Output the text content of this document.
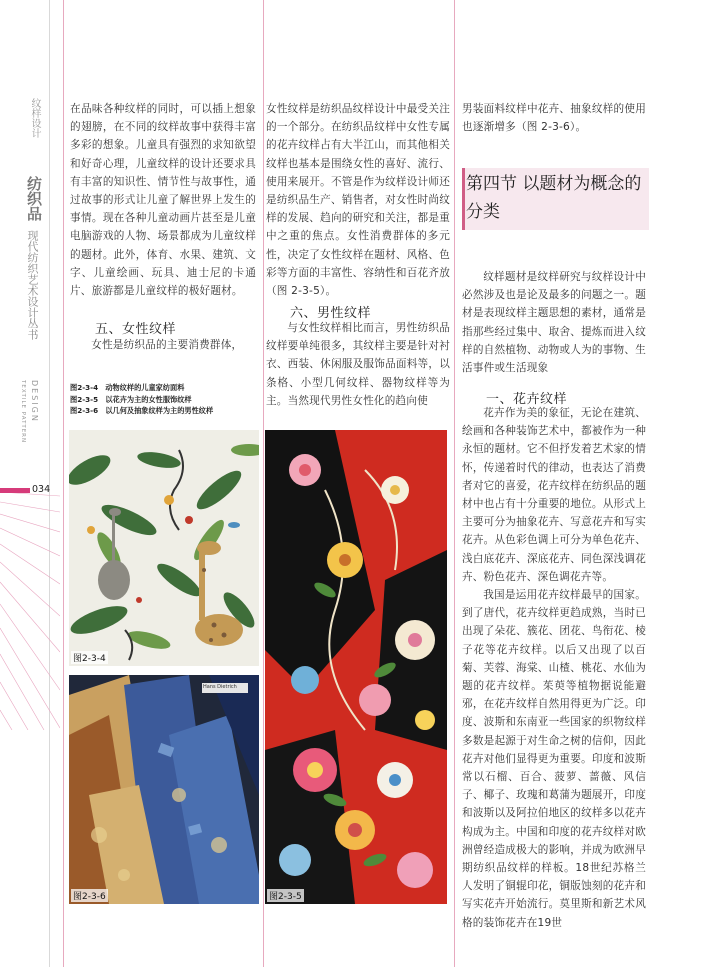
现代纺织艺术设计丛书
纺织品
纹样设计
TEXTILE PATTERN DESIGN
034

在品味各种纹样的同时，可以插上想象的翅膀，在不同的纹样故事中获得丰富多彩的想象。儿童具有强烈的求知欲望和好奇心理，儿童纹样的设计还要求具有丰富的知识性、情节性与故事性，通过故事的形式让儿童了解世界上发生的事情。现在各种儿童动画片甚至是儿童电脑游戏的人物、场景都成为儿童纹样的题材。此外，体育、水果、建筑、文字、儿童绘画、玩具、迪士尼的卡通片、旅游都是儿童纹样的极好题材。

五、女性纹样

女性是纺织品的主要消费群体，

图2-3-4　动物纹样的儿童家纺面料
图2-3-5　以花卉为主的女性服饰纹样
图2-3-6　以几何及抽象纹样为主的男性纹样
图2-3-4
Hans Dietrich
图2-3-6

女性纹样是纺织品纹样设计中最受关注的一个部分。在纺织品纹样中女性专属的花卉纹样占有大半江山，而其他相关纹样也基本是围绕女性的喜好、流行、使用来展开。不管是作为纹样设计师还是纺织品生产、销售者，对女性时尚纹样的发展、趋向的研究和关注，都是重中之重的焦点。女性消费群体的多元性，决定了女性纹样在题材、风格、色彩等方面的丰富性、容纳性和百花齐放（图 2-3-5）。

六、男性纹样

与女性纹样相比而言，男性纺织品纹样要单纯很多，其纹样主要是针对衬衣、西装、休闲服及服饰品面料等，以条格、小型几何纹样、器物纹样等为主。当然现代男性女性化的趋向使

图2-3-5

男装面料纹样中花卉、抽象纹样的使用也逐渐增多（图 2-3-6）。

第四节 以题材为概念的分类

纹样题材是纹样研究与纹样设计中必然涉及也是论及最多的问题之一。题材是表现纹样主题思想的素材，通常是指那些经过集中、取舍、提炼而进入纹样的自然植物、动物或人为的事物、生活事件或生活现象

一、花卉纹样

花卉作为美的象征，无论在建筑、绘画和各种装饰艺术中，都被作为一种永恒的题材。它不但抒发着艺术家的情怀，传递着时代的律动，也表达了消费者对它的喜爱，花卉纹样在纺织品的题材中也占有十分重要的地位。从形式上主要可分为抽象花卉、写意花卉和写实花卉。从色彩色调上可分为单色花卉、浅白底花卉、深底花卉、同色深浅调花卉、粉色花卉、深色调花卉等。

我国是运用花卉纹样最早的国家。到了唐代，花卉纹样更趋成熟，当时已出现了朵花、簇花、团花、鸟衔花、棱子花等花卉纹样。以后又出现了以百菊、芙蓉、海棠、山楂、桃花、水仙为题的花卉纹样。茱萸等植物据说能避邪，在花卉纹样自然用得更为广泛。印度、波斯和东南亚一些国家的织物纹样多数是起源于对生命之树的信仰，因此花卉对他们显得更为重要。印度和波斯常以石榴、百合、菠萝、蔷薇、风信子、椰子、玫瑰和葛蒲为题展开，印度和波斯以及阿拉伯地区的纹样多以花卉构成为主。中国和印度的花卉纹样对欧洲曾经造成极大的影响，并成为欧洲早期纺织品纹样的样板。18世纪苏格兰人发明了铜辊印花，铜版蚀刻的花卉和写实花卉开始流行。莫里斯和新艺术风格的装饰花卉在19世
